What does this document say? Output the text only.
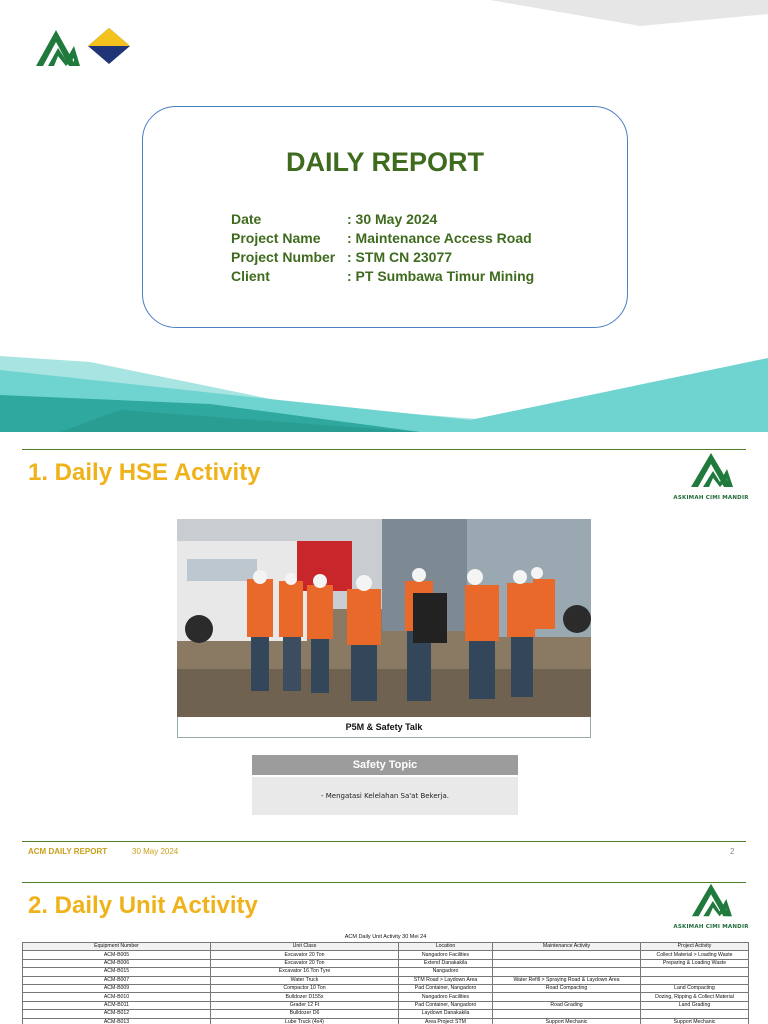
DAILY REPORT
Date	: 30 May 2024
Project Name : Maintenance Access Road
Project Number : STM CN 23077
Client	: PT Sumbawa Timur Mining
1. Daily HSE Activity
ASKIMAH CIMI MANDIR
P5M & Safety Talk
Safety Topic
- Mengatasi Kelelahan Sa'at Bekerja.
ACM DAILY REPORT	30 May 2024	2
2. Daily Unit Activity
ASKIMAH CIMI MANDIR
ACM Daily Unit Activity 30 Mei 24
Equipment Number	Unit Class	Location	Maintenance Activity	Project Activity
ACM-B005	Excavator 20 Ton	Nangadoro Facilities		Collect Material > Loading Waste
ACM-B006	Excavator 20 Ton	Extend Danakakila		Preparing & Loading Waste
ACM-B015	Excavator 16 Ton Tyre	Nangadoro		
ACM-B007	Water Truck	STM Road > Laydown Area	Water Refill > Spraying Road & Laydown Area	
ACM-B009	Compactor 10 Ton	Pad Container, Nangadoro	Road Compacting	Land Compacting
ACM-B010	Bulldozer D155x	Nangadoro Facilities		Dozing, Ripping & Collect Material
ACM-B011	Grader 12 Ft	Pad Container, Nangadoro	Road Grading	Land Grading
ACM-B012	Bulldozer D6	Laydown Danakakila		
ACM-B013	Lube Truck (4x4)	Area Project STM	Support Mechanic	Support Mechanic
